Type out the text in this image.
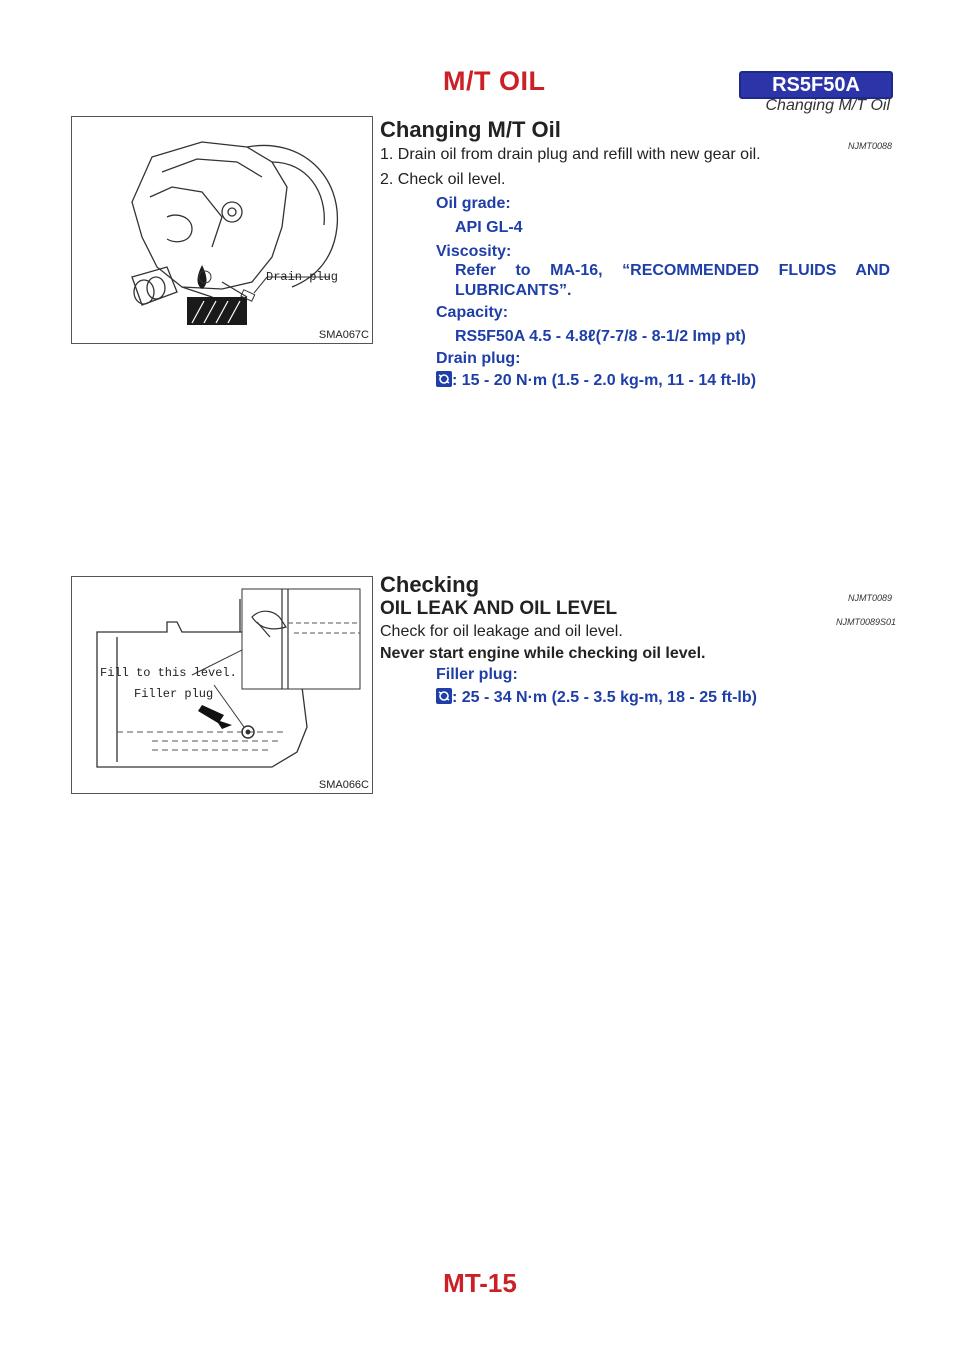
M/T OIL	RS5F50A
Changing M/T Oil
Drain plug
SMA067C
Changing M/T Oil
NJMT0088
1. Drain oil from drain plug and refill with new gear oil.
2. Check oil level.
Oil grade:
API GL-4
Viscosity:
Refer to MA-16, “RECOMMENDED FLUIDS AND
LUBRICANTS”.
Capacity:
RS5F50A 4.5 - 4.8ℓ(7-7/8 - 8-1/2 Imp pt)
Drain plug:
: 15 - 20 N·m (1.5 - 2.0 kg-m, 11 - 14 ft-lb)
Fill to this level.
Filler plug
SMA066C
Checking
NJMT0089
OIL LEAK AND OIL LEVEL
NJMT0089S01
Check for oil leakage and oil level.
Never start engine while checking oil level.
Filler plug:
: 25 - 34 N·m (2.5 - 3.5 kg-m, 18 - 25 ft-lb)
MT-15
